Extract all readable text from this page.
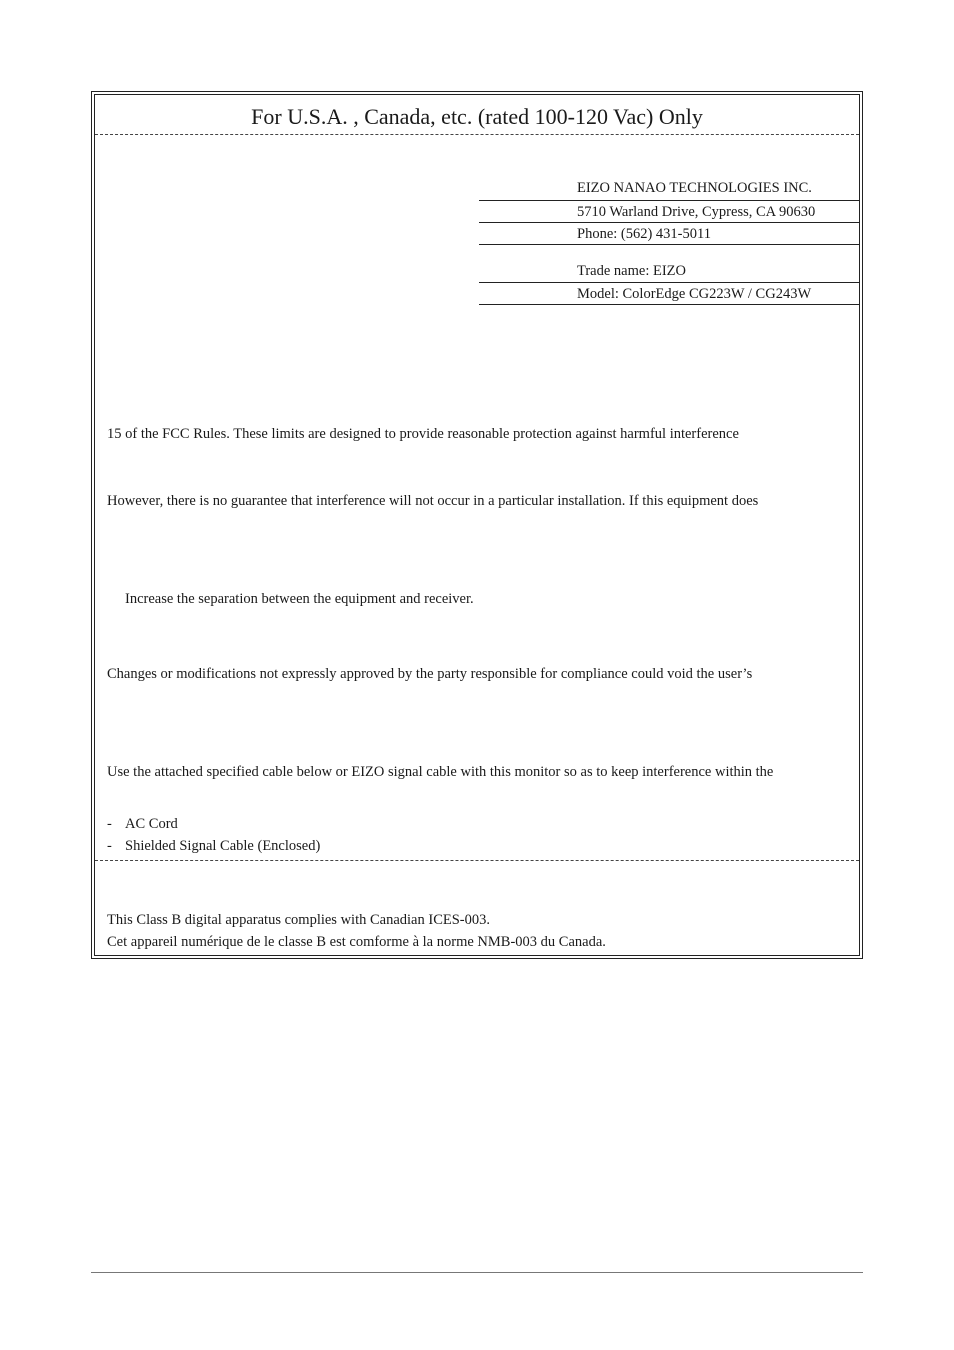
For U.S.A. , Canada, etc. (rated 100-120 Vac) Only
EIZO NANAO TECHNOLOGIES INC.
5710 Warland Drive, Cypress, CA 90630
Phone: (562) 431-5011
Trade name: EIZO
Model: ColorEdge CG223W / CG243W
15 of the FCC Rules. These limits are designed to provide reasonable protection against harmful interference
However, there is no guarantee that interference will not occur in a particular installation. If this equipment does
Increase the separation between the equipment and receiver.
Changes or modifications not expressly approved by the party responsible for compliance could void the user’s
Use the attached specified cable below or EIZO signal cable with this monitor so as to keep interference within the
- AC Cord
- Shielded Signal Cable (Enclosed)
This Class B digital apparatus complies with Canadian ICES-003.
Cet appareil numérique de le classe B est comforme à la norme NMB-003 du Canada.
